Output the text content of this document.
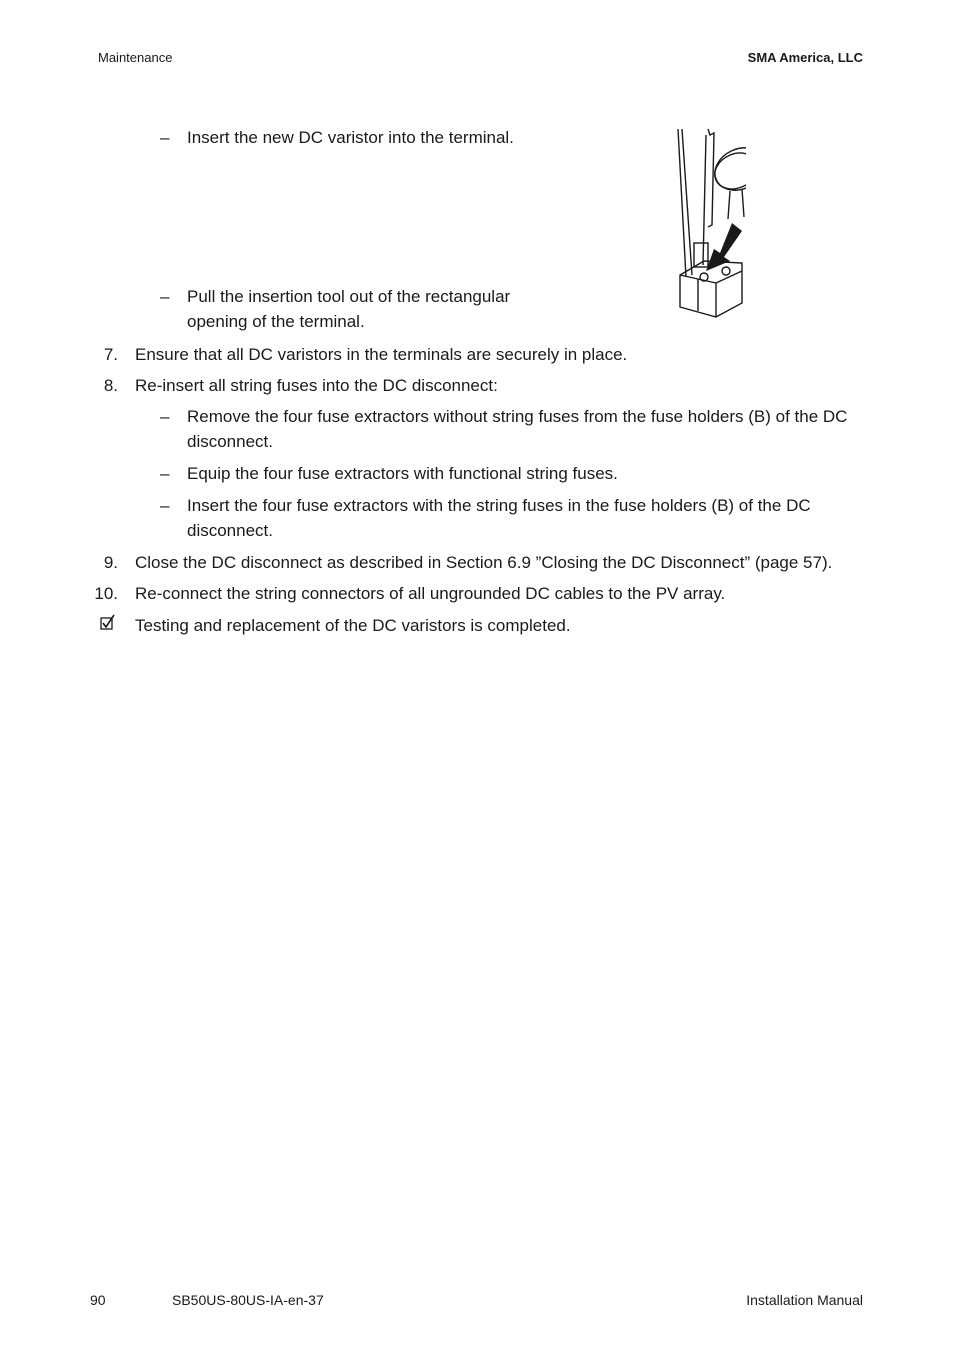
Maintenance	SMA America, LLC
–	Insert the new DC varistor into the terminal.
–	Pull the insertion tool out of the rectangular opening of the terminal.
7. Ensure that all DC varistors in the terminals are securely in place.
8. Re-insert all string fuses into the DC disconnect:
–	Remove the four fuse extractors without string fuses from the fuse holders (B) of the DC disconnect.
–	Equip the four fuse extractors with functional string fuses.
–	Insert the four fuse extractors with the string fuses in the fuse holders (B) of the DC disconnect.
9. Close the DC disconnect as described in Section 6.9 ”Closing the DC Disconnect” (page 57).
10. Re-connect the string connectors of all ungrounded DC cables to the PV array.
Testing and replacement of the DC varistors is completed.
90	SB50US-80US-IA-en-37	Installation Manual
